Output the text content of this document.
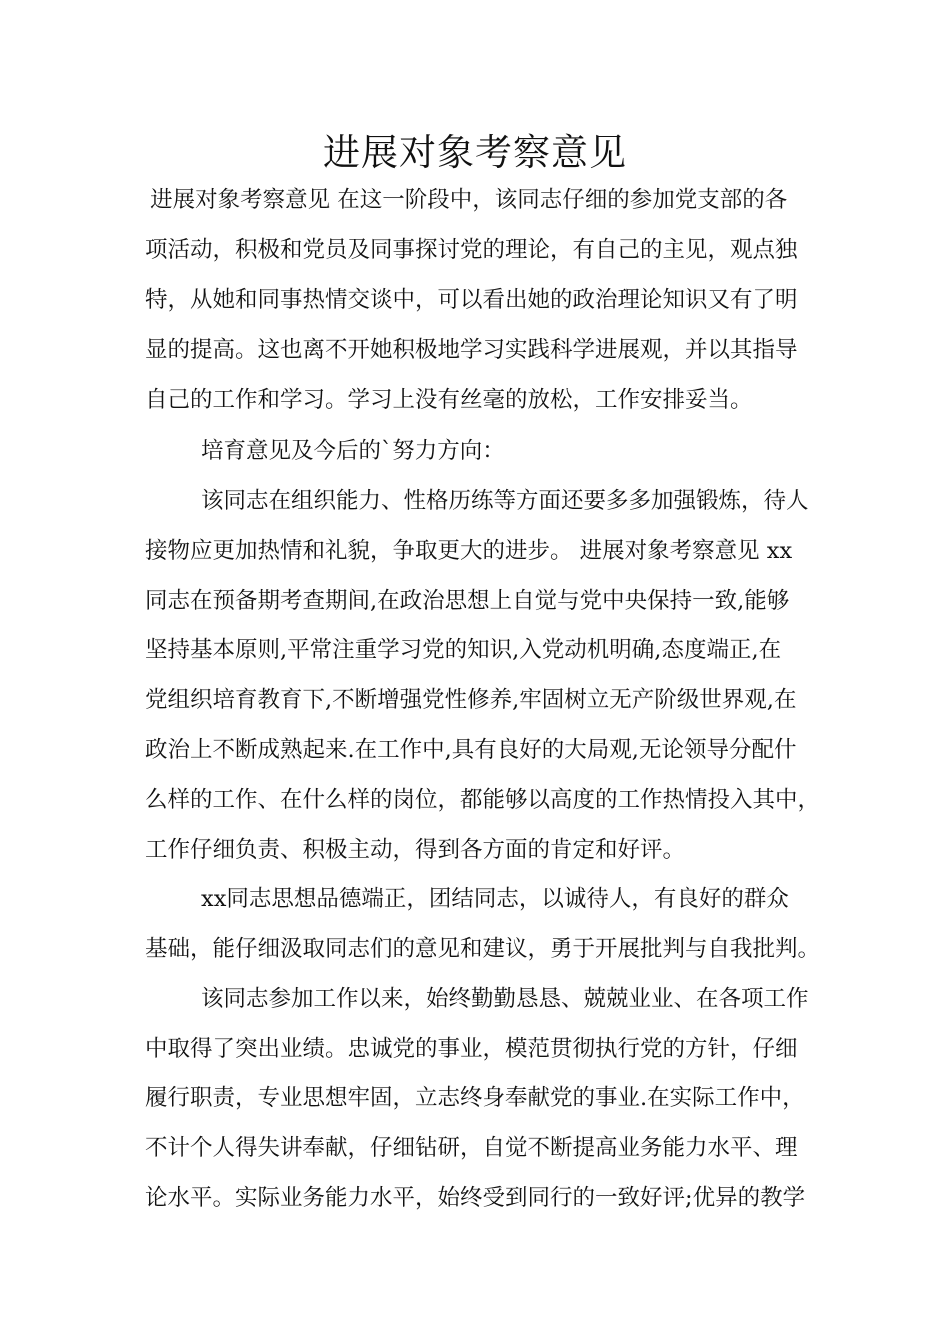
进展对象考察意见

进展对象考察意见 在这一阶段中，该同志仔细的参加党支部的各

项活动，积极和党员及同事探讨党的理论，有自己的主见，观点独

特，从她和同事热情交谈中，可以看出她的政治理论知识又有了明

显的提高。这也离不开她积极地学习实践科学进展观，并以其指导

自己的工作和学习。学习上没有丝毫的放松，工作安排妥当。

培育意见及今后的`努力方向：

该同志在组织能力、性格历练等方面还要多多加强锻炼，待人

接物应更加热情和礼貌，争取更大的进步。 进展对象考察意见 xx

同志在预备期考查期间,在政治思想上自觉与党中央保持一致,能够

坚持基本原则,平常注重学习党的知识,入党动机明确,态度端正,在

党组织培育教育下,不断增强党性修养,牢固树立无产阶级世界观,在

政治上不断成熟起来.在工作中,具有良好的大局观,无论领导分配什

么样的工作、在什么样的岗位，都能够以高度的工作热情投入其中，

工作仔细负责、积极主动，得到各方面的肯定和好评。

xx同志思想品德端正，团结同志，以诚待人，有良好的群众

基础，能仔细汲取同志们的意见和建议，勇于开展批判与自我批判。

该同志参加工作以来，始终勤勤恳恳、兢兢业业、在各项工作

中取得了突出业绩。忠诚党的事业，模范贯彻执行党的方针，仔细

履行职责，专业思想牢固，立志终身奉献党的事业.在实际工作中，

不计个人得失讲奉献，仔细钻研，自觉不断提高业务能力水平、理

论水平。实际业务能力水平，始终受到同行的一致好评;优异的教学
